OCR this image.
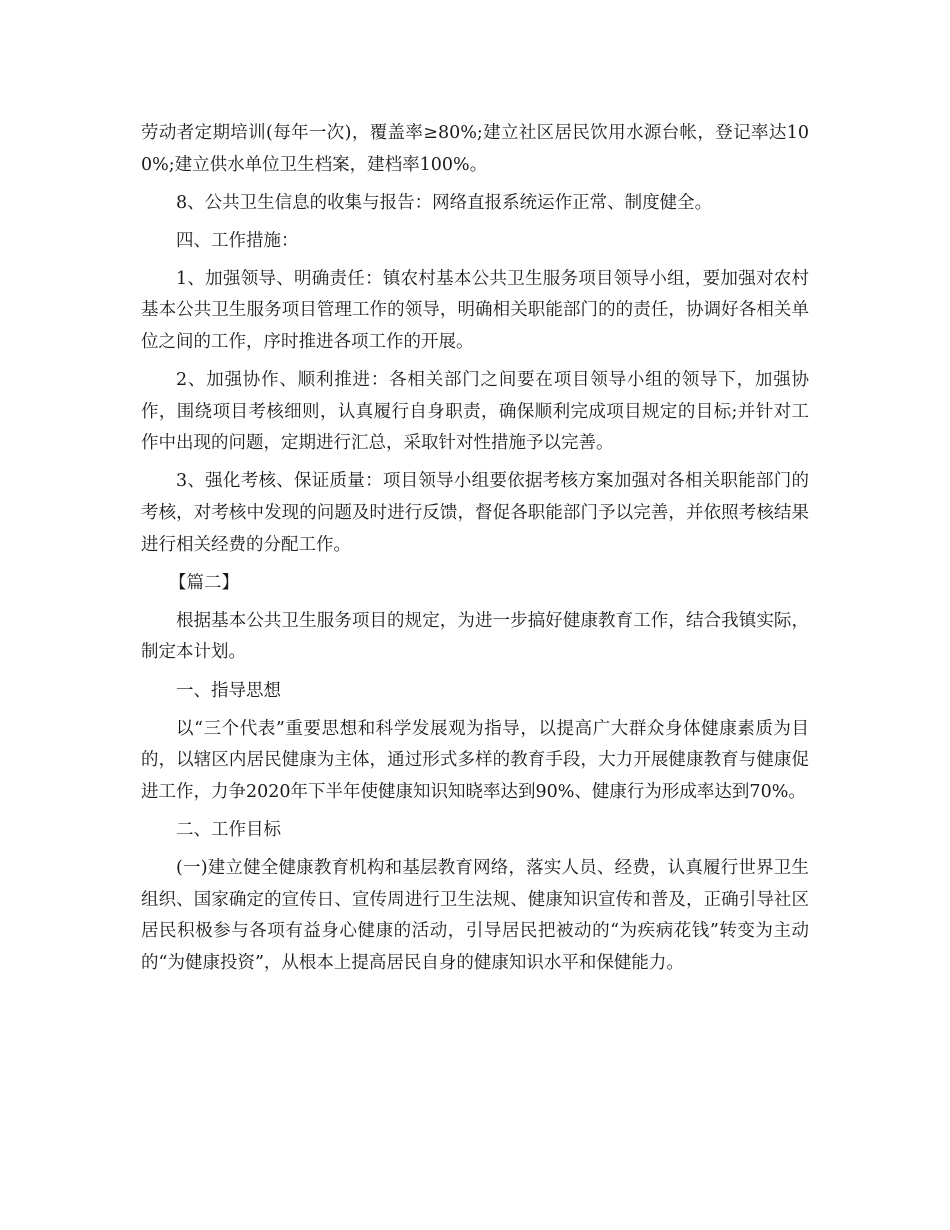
劳动者定期培训(每年一次)，覆盖率≥80%;建立社区居民饮用水源台帐，登记率达100%;建立供水单位卫生档案，建档率100%。

8、公共卫生信息的收集与报告：网络直报系统运作正常、制度健全。

四、工作措施：

1、加强领导、明确责任：镇农村基本公共卫生服务项目领导小组，要加强对农村基本公共卫生服务项目管理工作的领导，明确相关职能部门的的责任，协调好各相关单位之间的工作，序时推进各项工作的开展。

2、加强协作、顺利推进：各相关部门之间要在项目领导小组的领导下，加强协作，围绕项目考核细则，认真履行自身职责，确保顺利完成项目规定的目标;并针对工作中出现的问题，定期进行汇总，采取针对性措施予以完善。

3、强化考核、保证质量：项目领导小组要依据考核方案加强对各相关职能部门的考核，对考核中发现的问题及时进行反馈，督促各职能部门予以完善，并依照考核结果进行相关经费的分配工作。

【篇二】

根据基本公共卫生服务项目的规定，为进一步搞好健康教育工作，结合我镇实际，制定本计划。

一、指导思想

以“三个代表”重要思想和科学发展观为指导，以提高广大群众身体健康素质为目的，以辖区内居民健康为主体，通过形式多样的教育手段，大力开展健康教育与健康促进工作，力争2020年下半年使健康知识知晓率达到90%、健康行为形成率达到70%。

二、工作目标

(一)建立健全健康教育机构和基层教育网络，落实人员、经费，认真履行世界卫生组织、国家确定的宣传日、宣传周进行卫生法规、健康知识宣传和普及，正确引导社区居民积极参与各项有益身心健康的活动，引导居民把被动的“为疾病花钱”转变为主动的“为健康投资”，从根本上提高居民自身的健康知识水平和保健能力。
